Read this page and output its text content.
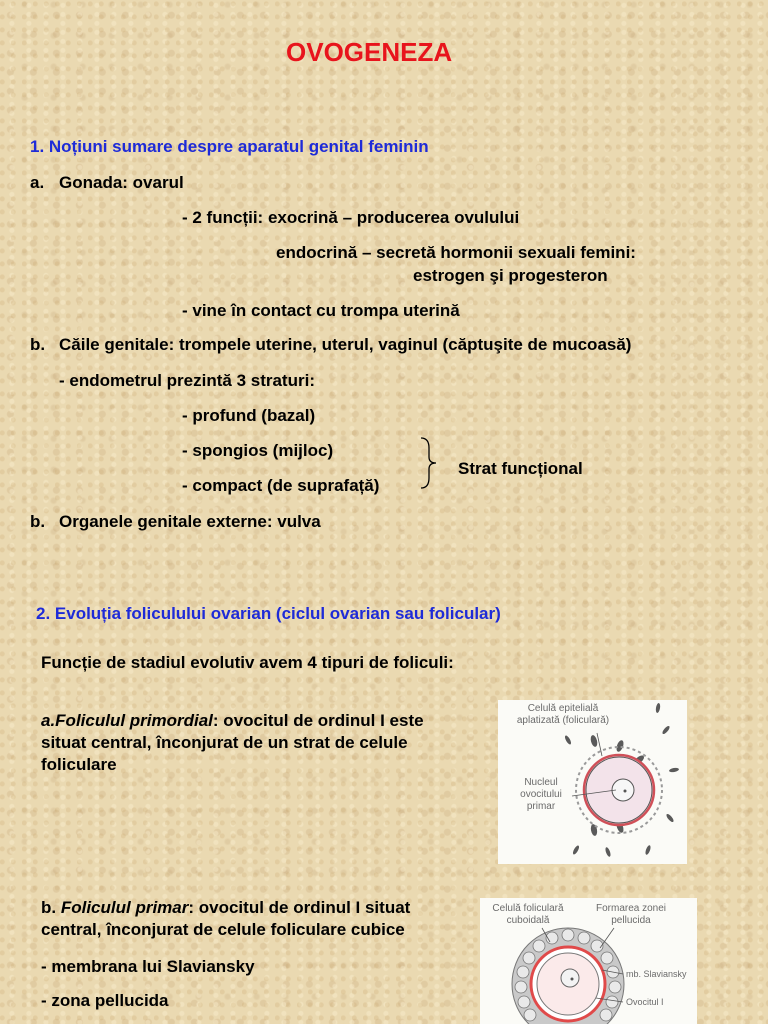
OVOGENEZA
1. Noțiuni sumare despre aparatul genital feminin
a. Gonada: ovarul
- 2 funcții: exocrină – producerea ovulului
endocrină – secretă hormonii sexuali femini:
estrogen şi progesteron
- vine în contact cu trompa uterină
b. Căile genitale: trompele uterine, uterul, vaginul (căptuşite de mucoasă)
- endometrul prezintă 3 straturi:
- profund (bazal)
- spongios (mijloc)
- compact (de suprafață)
Strat funcțional
b. Organele genitale externe: vulva
2. Evoluția foliculului ovarian (ciclul ovarian sau folicular)

Funcție de stadiul evolutiv avem 4 tipuri de foliculi:

a.Foliculul primordial: ovocitul de ordinul I este situat central, înconjurat de un strat de celule foliculare

b. Foliculul primar: ovocitul de ordinul I situat central, înconjurat de celule foliculare cubice

- membrana lui Slaviansky
- zona pellucida
Celulă epitelială
aplatizată (foliculară)
Nucleul
ovocitului
primar
Celulă foliculară
cuboidală
Formarea zonei
pellucida
mb. Slaviansky
Ovocitul I
